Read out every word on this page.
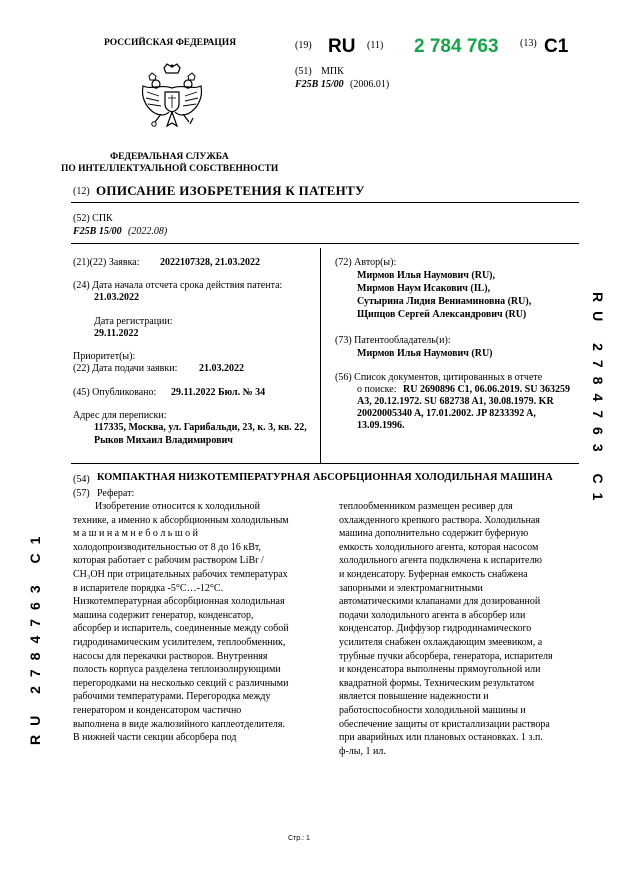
РОССИЙСКАЯ ФЕДЕРАЦИЯ
ФЕДЕРАЛЬНАЯ СЛУЖБА
ПО ИНТЕЛЛЕКТУАЛЬНОЙ СОБСТВЕННОСТИ
(19) RU (11) 2 784 763 (13) C1
(51) МПК
F25B 15/00 (2006.01)
(12) ОПИСАНИЕ ИЗОБРЕТЕНИЯ К ПАТЕНТУ
(52) СПК
F25B 15/00 (2022.08)
(21)(22) Заявка: 2022107328, 21.03.2022
(24) Дата начала отсчета срока действия патента:
21.03.2022
Дата регистрации:
29.11.2022
Приоритет(ы):
(22) Дата подачи заявки: 21.03.2022
(45) Опубликовано: 29.11.2022 Бюл. № 34
Адрес для переписки:
117335, Москва, ул. Гарибальди, 23, к. 3, кв. 22,
Рыков Михаил Владимирович
(72) Автор(ы):
Мирмов Илья Наумович (RU),
Мирмов Наум Исакович (IL),
Сутырина Лидия Вениаминовна (RU),
Щипцов Сергей Александрович (RU)
(73) Патентообладатель(и):
Мирмов Илья Наумович (RU)
(56) Список документов, цитированных в отчете
о поиске: RU 2690896 C1, 06.06.2019. SU 363259
A3, 20.12.1972. SU 682738 A1, 30.08.1979. KR
20020005340 A, 17.01.2002. JP 8233392 A,
13.09.1996.
(54) КОМПАКТНАЯ НИЗКОТЕМПЕРАТУРНАЯ АБСОРБЦИОННАЯ ХОЛОДИЛЬНАЯ МАШИНА
(57) Реферат:
Изобретение относится к холодильной
технике, а именно к абсорбционным холодильным
м а ш и н а м н е б о л ь ш о й
холодопроизводительностью от 8 до 16 кВт,
которая работает с рабочим раствором LiBr /
CH₃OH при отрицательных рабочих температурах
в испарителе порядка -5°C…-12°C.
Низкотемпературная абсорбционная холодильная
машина содержит генератор, конденсатор,
абсорбер и испаритель, соединенные между собой
гидродинамическим усилителем, теплообменник,
насосы для перекачки растворов. Внутренняя
полость корпуса разделена теплоизолирующими
перегородками на несколько секций с различными
рабочими температурами. Перегородка между
генератором и конденсатором частично
выполнена в виде жалюзийного каплеотделителя.
В нижней части секции абсорбера под
теплообменником размещен ресивер для
охлажденного крепкого раствора. Холодильная
машина дополнительно содержит буферную
емкость холодильного агента, которая насосом
холодильного агента подключена к испарителю
и конденсатору. Буферная емкость снабжена
запорными и электромагнитными
автоматическими клапанами для дозированной
подачи холодильного агента в абсорбер или
конденсатор. Диффузор гидродинамического
усилителя снабжен охлаждающим змеевиком, а
трубные пучки абсорбера, генератора, испарителя
и конденсатора выполнены прямоугольной или
квадратной формы. Техническим результатом
является повышение надежности и
работоспособности холодильной машины и
обеспечение защиты от кристаллизации раствора
при аварийных или плановых остановках. 1 з.п.
ф-лы, 1 ил.
RU 2784763 C1
RU 2784763 C1
Стр.: 1
